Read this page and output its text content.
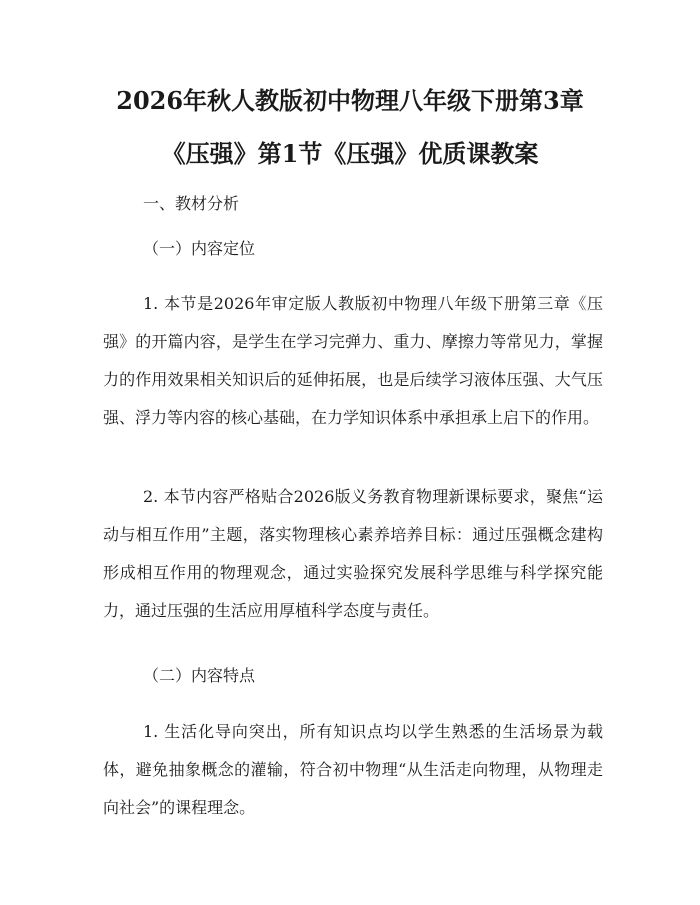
2026年秋人教版初中物理八年级下册第3章
《压强》第1节《压强》优质课教案
一、教材分析
（一）内容定位
1. 本节是2026年审定版人教版初中物理八年级下册第三章《压强》的开篇内容，是学生在学习完弹力、重力、摩擦力等常见力，掌握力的作用效果相关知识后的延伸拓展，也是后续学习液体压强、大气压强、浮力等内容的核心基础，在力学知识体系中承担承上启下的作用。
2. 本节内容严格贴合2026版义务教育物理新课标要求，聚焦“运动与相互作用”主题，落实物理核心素养培养目标：通过压强概念建构形成相互作用的物理观念，通过实验探究发展科学思维与科学探究能力，通过压强的生活应用厚植科学态度与责任。
（二）内容特点
1. 生活化导向突出，所有知识点均以学生熟悉的生活场景为载体，避免抽象概念的灌输，符合初中物理“从生活走向物理，从物理走向社会”的课程理念。
